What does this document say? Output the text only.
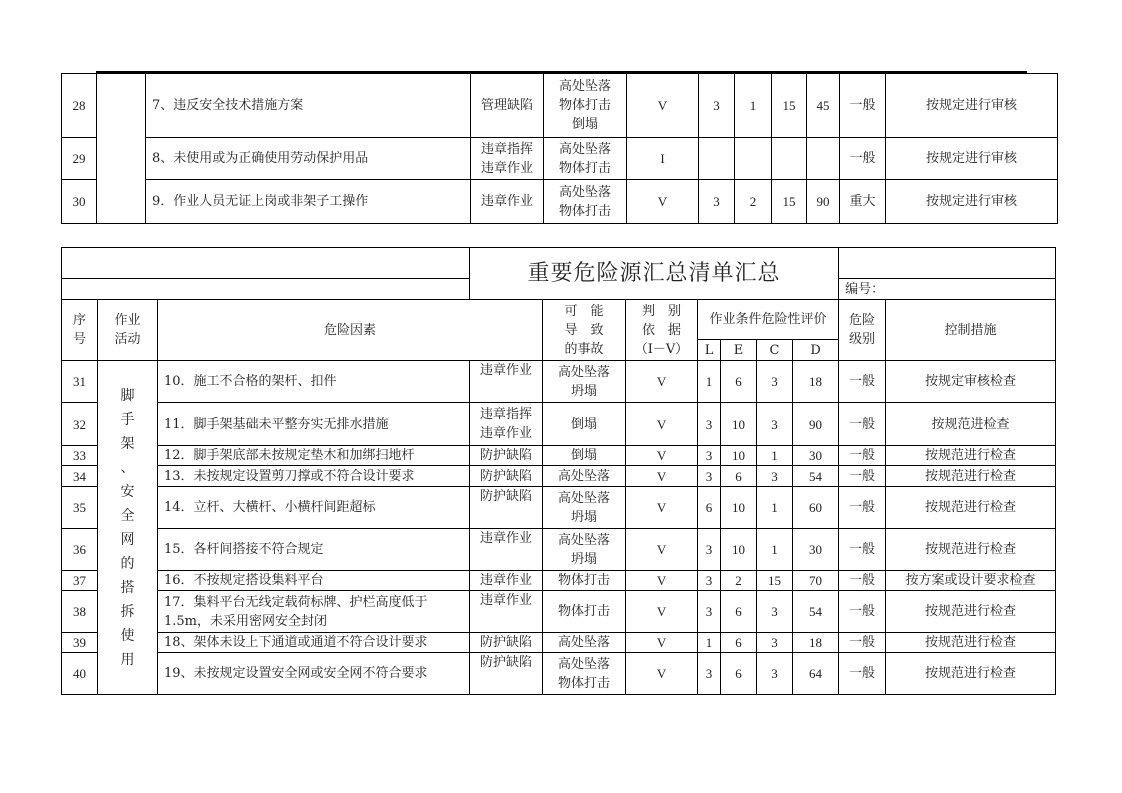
28		7、违反安全技术措施方案	管理缺陷	高处坠落
物体打击
倒塌	V	3	1	15	45	一般	按规定进行审核
29		8、未使用或为正确使用劳动保护用品	违章指挥
违章作业	高处坠落
物体打击	I					一般	按规定进行审核
30		9．作业人员无证上岗或非架子工操作	违章作业	高处坠落
物体打击	V	3	2	15	90	重大	按规定进行审核
			重要危险源汇总清单汇总								
										编号：	
序
号	作业
活动	危险因素		可　能
导　致
的事故	判　别
依　据
（I－V）	作业条件危险性评价				危险
级别	控制措施
						L	E	C	D		
31	脚
手
架
、
安
全
网
的
搭
拆
使
用	10．施工不合格的架杆、扣件	违章作业	高处坠落
坍塌	V	1	6	3	18	一般	按规定审核检查
32		11．脚手架基础未平整夯实无排水措施	违章指挥
违章作业	倒塌	V	3	10	3	90	一般	按规范进检查
33		12．脚手架底部未按规定垫木和加绑扫地杆	防护缺陷	倒塌	V	3	10	1	30	一般	按规范进行检查
34		13．未按规定设置剪刀撑或不符合设计要求	防护缺陷	高处坠落	V	3	6	3	54	一般	按规范进行检查
35		14．立杆、大横杆、小横杆间距超标	防护缺陷	高处坠落
坍塌	V	6	10	1	60	一般	按规范进行检查
36		15．各杆间搭接不符合规定	违章作业	高处坠落
坍塌	V	3	10	1	30	一般	按规范进行检查
37		16．不按规定搭设集料平台	违章作业	物体打击	V	3	2	15	70	一般	按方案或设计要求检查
38		17．集料平台无线定载荷标牌、护栏高度低于1.5m，未采用密网安全封闭	违章作业	物体打击	V	3	6	3	54	一般	按规范进行检查
39		18、架体未设上下通道或通道不符合设计要求	防护缺陷	高处坠落	V	1	6	3	18	一般	按规范进行检查
40		19、未按规定设置安全网或安全网不符合要求	防护缺陷	高处坠落
物体打击	V	3	6	3	64	一般	按规范进行检查
